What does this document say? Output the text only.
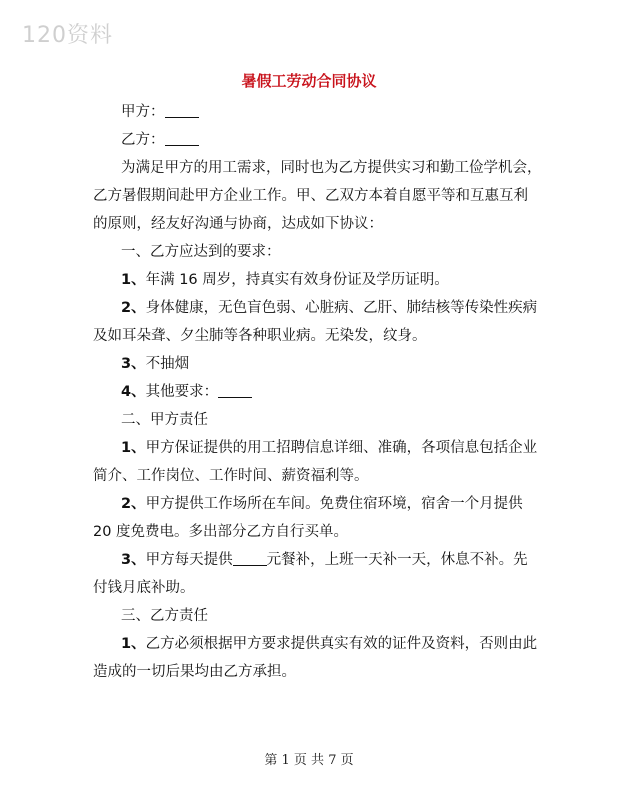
120资料
暑假工劳动合同协议
甲方：
乙方：
为满足甲方的用工需求，同时也为乙方提供实习和勤工俭学机会，
乙方暑假期间赴甲方企业工作。甲、乙双方本着自愿平等和互惠互利
的原则，经友好沟通与协商，达成如下协议：
一、乙方应达到的要求：
1、年满 16 周岁，持真实有效身份证及学历证明。
2、身体健康，无色盲色弱、心脏病、乙肝、肺结核等传染性疾病
及如耳朵聋、夕尘肺等各种职业病。无染发，纹身。
3、不抽烟
4、其他要求：
二、甲方责任
1、甲方保证提供的用工招聘信息详细、准确，各项信息包括企业
简介、工作岗位、工作时间、薪资福利等。
2、甲方提供工作场所在车间。免费住宿环境，宿舍一个月提供
20 度免费电。多出部分乙方自行买单。
3、甲方每天提供 元餐补，上班一天补一天，休息不补。先
付钱月底补助。
三、乙方责任
1、乙方必须根据甲方要求提供真实有效的证件及资料，否则由此
造成的一切后果均由乙方承担。
第 1 页 共 7 页
